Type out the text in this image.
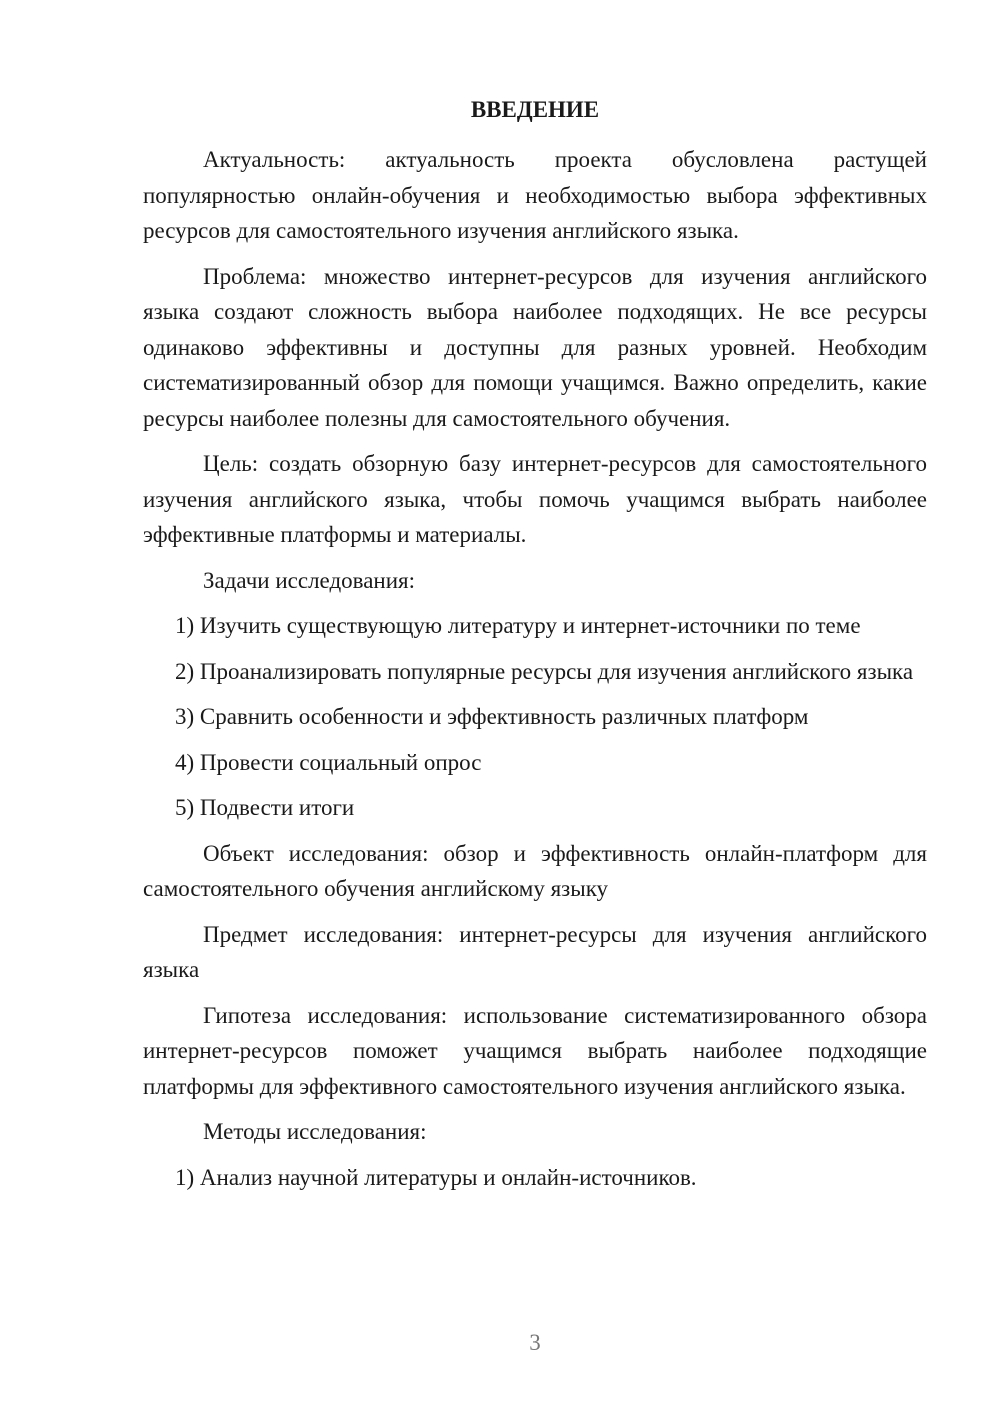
ВВЕДЕНИЕ

Актуальность: актуальность проекта обусловлена растущей популярностью онлайн-обучения и необходимостью выбора эффективных ресурсов для самостоятельного изучения английского языка.

Проблема: множество интернет-ресурсов для изучения английского языка создают сложность выбора наиболее подходящих. Не все ресурсы одинаково эффективны и доступны для разных уровней. Необходим систематизированный обзор для помощи учащимся. Важно определить, какие ресурсы наиболее полезны для самостоятельного обучения.

Цель: создать обзорную базу интернет-ресурсов для самостоятельного изучения английского языка, чтобы помочь учащимся выбрать наиболее эффективные платформы и материалы.

Задачи исследования:

1) Изучить существующую литературу и интернет-источники по теме

2) Проанализировать популярные ресурсы для изучения английского языка

3) Сравнить особенности и эффективность различных платформ

4) Провести социальный опрос

5) Подвести итоги

Объект исследования: обзор и эффективность онлайн-платформ для самостоятельного обучения английскому языку

Предмет исследования: интернет-ресурсы для изучения английского языка

Гипотеза исследования: использование систематизированного обзора интернет-ресурсов поможет учащимся выбрать наиболее подходящие платформы для эффективного самостоятельного изучения английского языка.

Методы исследования:

1) Анализ научной литературы и онлайн-источников.

3
